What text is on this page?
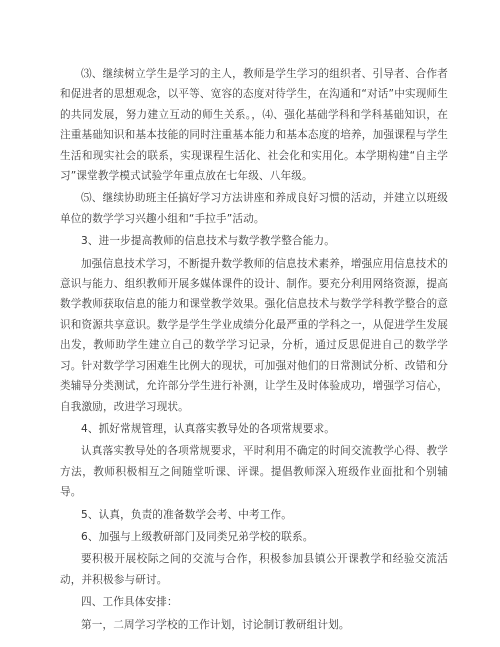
⑶、继续树立学生是学习的主人，教师是学生学习的组织者、引导者、合作者和促进者的思想观念，以平等、宽容的态度对待学生，在沟通和“对话”中实现师生的共同发展，努力建立互动的师生关系。，⑷、强化基础学科和学科基础知识，在注重基础知识和基本技能的同时注重基本能力和基本态度的培养，加强课程与学生生活和现实社会的联系，实现课程生活化、社会化和实用化。本学期构建“自主学习”课堂教学模式试验学年重点放在七年级、八年级。

⑸、继续协助班主任搞好学习方法讲座和养成良好习惯的活动，并建立以班级单位的数学学习兴趣小组和“手拉手”活动。

3、进一步提高教师的信息技术与数学教学整合能力。

加强信息技术学习，不断提升数学教师的信息技术素养，增强应用信息技术的意识与能力、组织教师开展多媒体课件的设计、制作。要充分利用网络资源，提高数学教师获取信息的能力和课堂教学效果。强化信息技术与数学学科教学整合的意识和资源共享意识。数学是学生学业成绩分化最严重的学科之一，从促进学生发展出发，教师助学生建立自己的数学学习记录，分析，通过反思促进自己的数学学习。针对数学学习困难生比例大的现状，可加强对他们的日常测试分析、改错和分类辅导分类测试，允许部分学生进行补测，让学生及时体验成功，增强学习信心，自我激励，改进学习现状。

4、抓好常规管理，认真落实教导处的各项常规要求。

认真落实教导处的各项常规要求，平时利用不确定的时间交流教学心得、教学方法，教师积极相互之间随堂听课、评课。提倡教师深入班级作业面批和个别辅导。

5、认真，负责的准备数学会考、中考工作。

6、加强与上级教研部门及同类兄弟学校的联系。

要积极开展校际之间的交流与合作，积极参加县镇公开课教学和经验交流活动，并积极参与研讨。

四、工作具体安排：

第一，二周学习学校的工作计划，讨论制订教研组计划。
